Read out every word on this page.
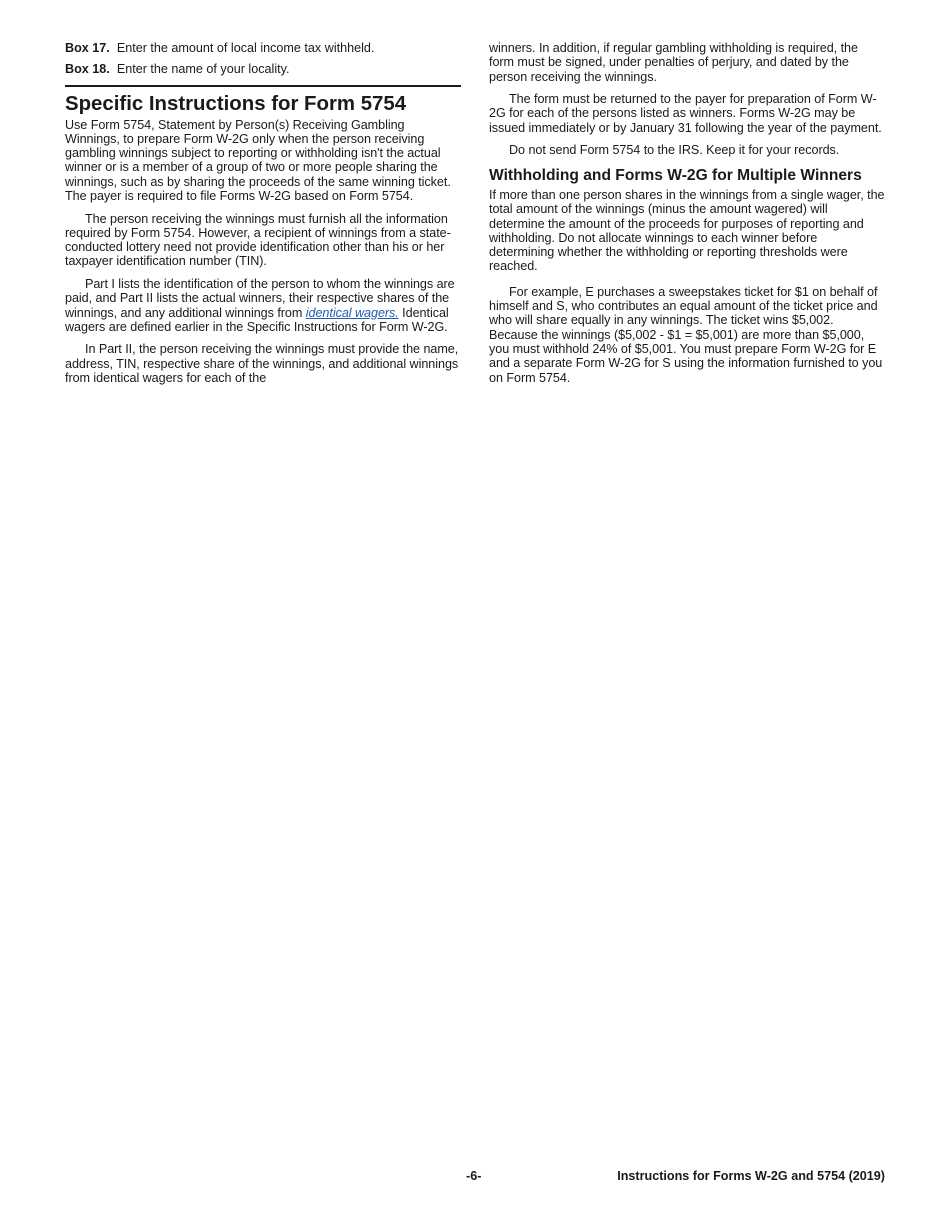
Box 17. Enter the amount of local income tax withheld.
Box 18. Enter the name of your locality.
Specific Instructions for Form 5754

Use Form 5754, Statement by Person(s) Receiving Gambling Winnings, to prepare Form W-2G only when the person receiving gambling winnings subject to reporting or withholding isn't the actual winner or is a member of a group of two or more people sharing the winnings, such as by sharing the proceeds of the same winning ticket. The payer is required to file Forms W-2G based on Form 5754.

The person receiving the winnings must furnish all the information required by Form 5754. However, a recipient of winnings from a state-conducted lottery need not provide identification other than his or her taxpayer identification number (TIN).

Part I lists the identification of the person to whom the winnings are paid, and Part II lists the actual winners, their respective shares of the winnings, and any additional winnings from identical wagers. Identical wagers are defined earlier in the Specific Instructions for Form W-2G.

In Part II, the person receiving the winnings must provide the name, address, TIN, respective share of the winnings, and additional winnings from identical wagers for each of the

winners. In addition, if regular gambling withholding is required, the form must be signed, under penalties of perjury, and dated by the person receiving the winnings.

The form must be returned to the payer for preparation of Form W-2G for each of the persons listed as winners. Forms W-2G may be issued immediately or by January 31 following the year of the payment.

Do not send Form 5754 to the IRS. Keep it for your records.

Withholding and Forms W-2G for Multiple Winners

If more than one person shares in the winnings from a single wager, the total amount of the winnings (minus the amount wagered) will determine the amount of the proceeds for purposes of reporting and withholding. Do not allocate winnings to each winner before determining whether the withholding or reporting thresholds were reached.

For example, E purchases a sweepstakes ticket for $1 on behalf of himself and S, who contributes an equal amount of the ticket price and who will share equally in any winnings. The ticket wins $5,002. Because the winnings ($5,002 - $1 = $5,001) are more than $5,000, you must withhold 24% of $5,001. You must prepare Form W-2G for E and a separate Form W-2G for S using the information furnished to you on Form 5754.

-6-	Instructions for Forms W-2G and 5754 (2019)
